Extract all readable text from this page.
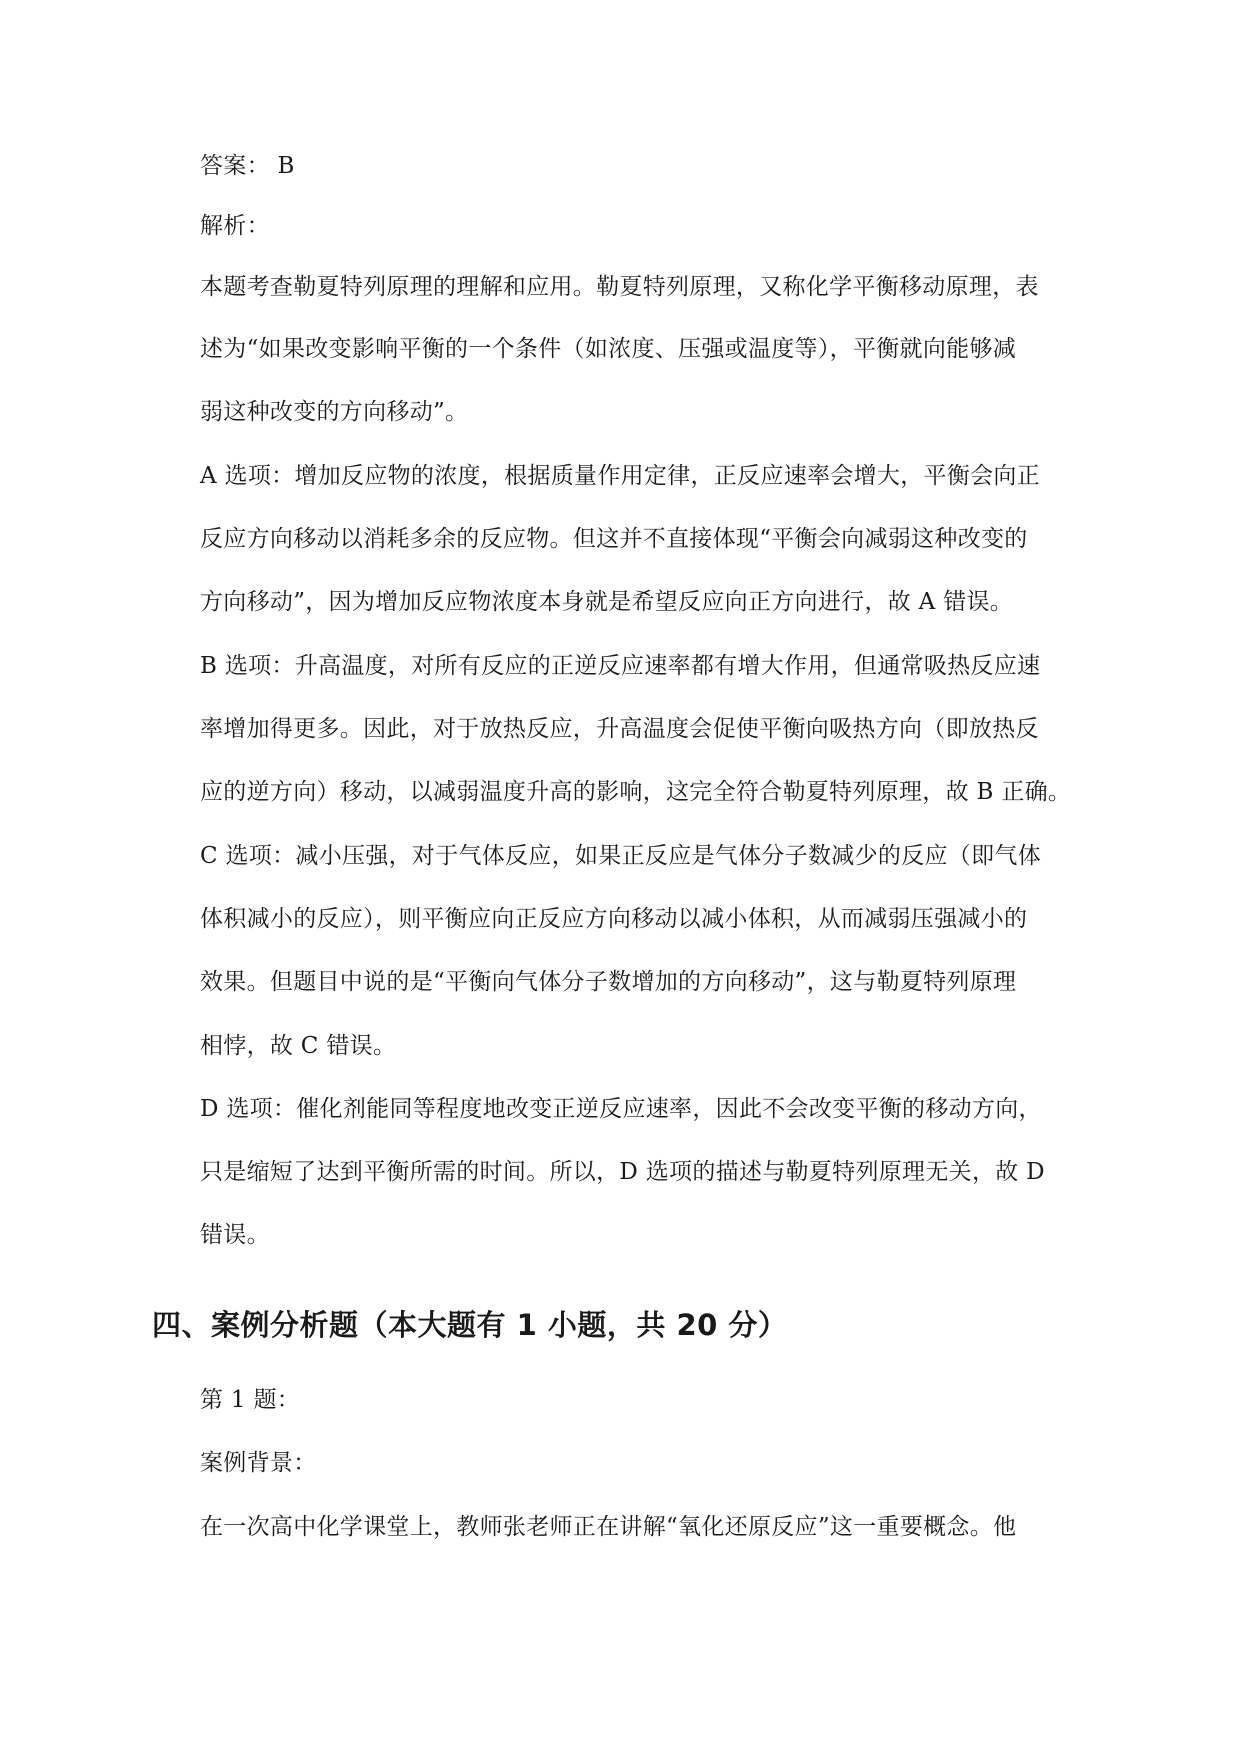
答案： B
解析：
本题考查勒夏特列原理的理解和应用。勒夏特列原理，又称化学平衡移动原理，表
述为“如果改变影响平衡的一个条件（如浓度、压强或温度等），平衡就向能够减
弱这种改变的方向移动”。
A 选项：增加反应物的浓度，根据质量作用定律，正反应速率会增大，平衡会向正
反应方向移动以消耗多余的反应物。但这并不直接体现“平衡会向减弱这种改变的
方向移动”，因为增加反应物浓度本身就是希望反应向正方向进行，故 A 错误。
B 选项：升高温度，对所有反应的正逆反应速率都有增大作用，但通常吸热反应速
率增加得更多。因此，对于放热反应，升高温度会促使平衡向吸热方向（即放热反
应的逆方向）移动，以减弱温度升高的影响，这完全符合勒夏特列原理，故 B 正确。
C 选项：减小压强，对于气体反应，如果正反应是气体分子数减少的反应（即气体
体积减小的反应），则平衡应向正反应方向移动以减小体积，从而减弱压强减小的
效果。但题目中说的是“平衡向气体分子数增加的方向移动”，这与勒夏特列原理
相悖，故 C 错误。
D 选项：催化剂能同等程度地改变正逆反应速率，因此不会改变平衡的移动方向，
只是缩短了达到平衡所需的时间。所以，D 选项的描述与勒夏特列原理无关，故 D
错误。
四、案例分析题（本大题有 1 小题，共 20 分）
第 1 题：
案例背景：
在一次高中化学课堂上，教师张老师正在讲解“氧化还原反应”这一重要概念。他
